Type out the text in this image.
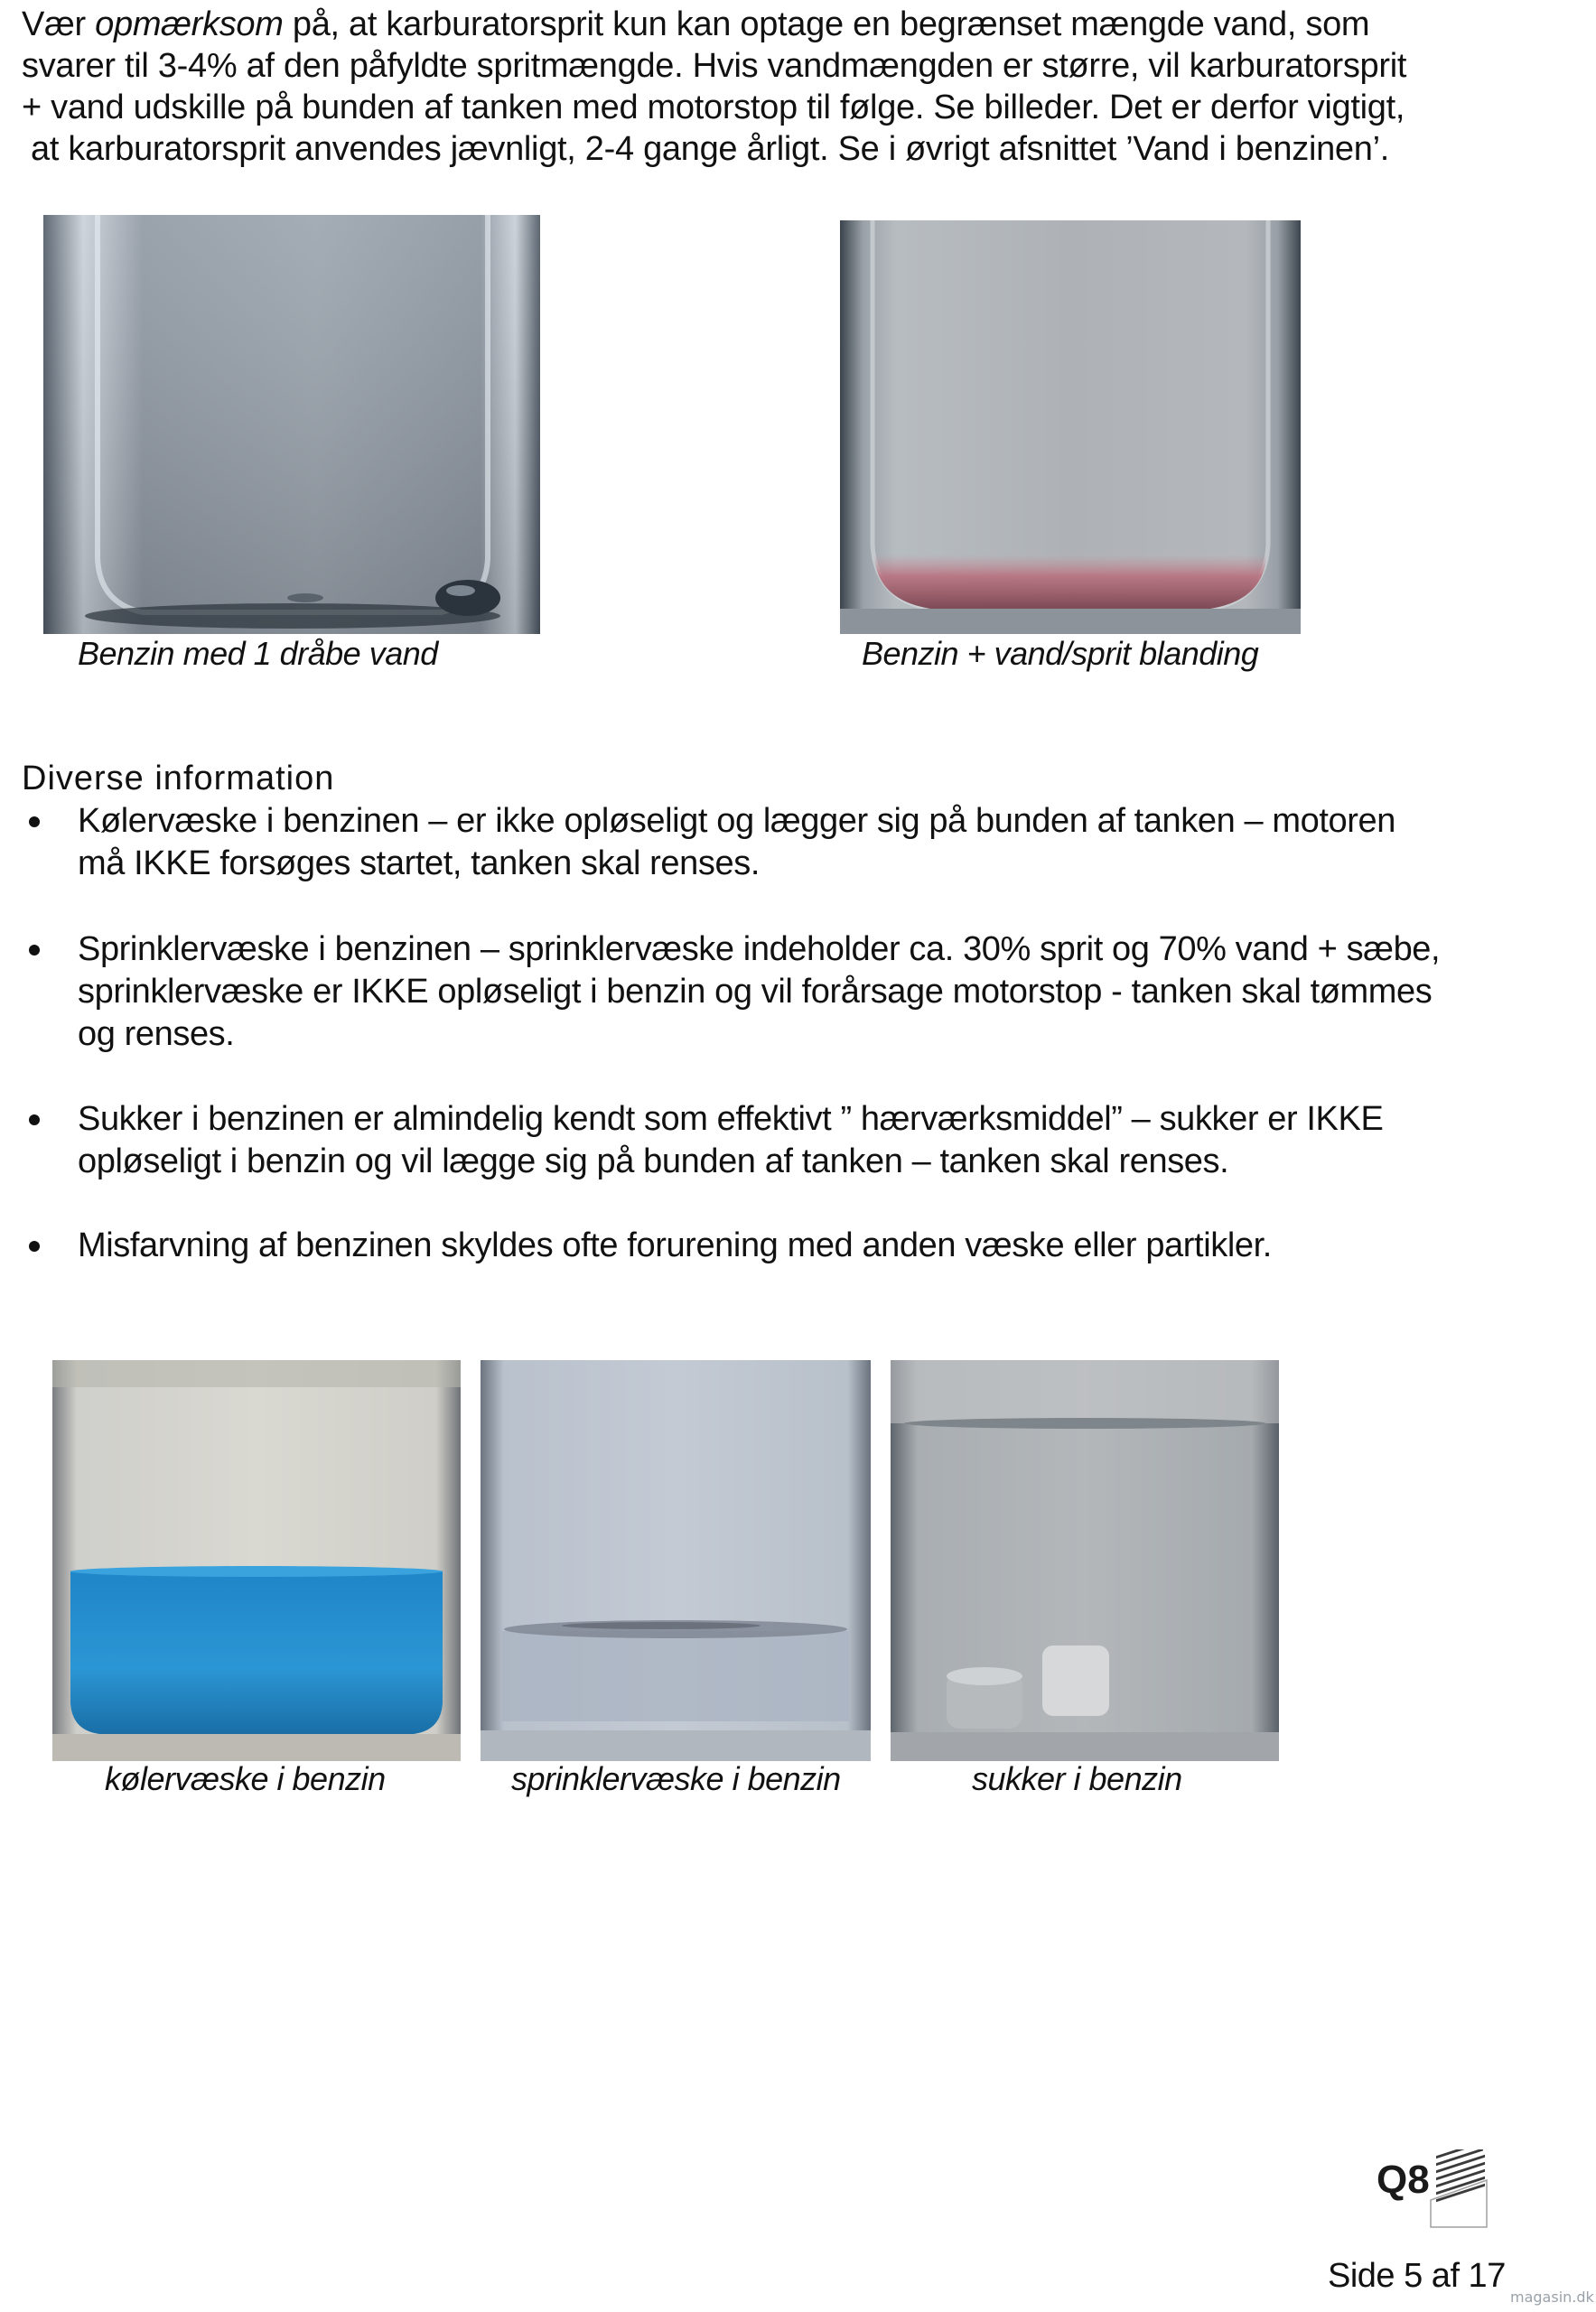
Vær opmærksom på, at karburatorsprit kun kan optage en begrænset mængde vand, som

svarer til 3-4% af den påfyldte spritmængde. Hvis vandmængden er større, vil karburatorsprit

+ vand udskille på bunden af tanken med motorstop til følge. Se billeder. Det er derfor vigtigt,

at karburatorsprit anvendes jævnligt, 2-4 gange årligt. Se i øvrigt afsnittet ’Vand i benzinen’.

Benzin med 1 dråbe vand	Benzin + vand/sprit blanding
Diverse information
Kølervæske i benzinen – er ikke opløseligt og lægger sig på bunden af tanken – motoren
må IKKE forsøges startet, tanken skal renses.
Sprinklervæske i benzinen – sprinklervæske indeholder ca. 30% sprit og 70% vand + sæbe,
sprinklervæske er IKKE opløseligt i benzin og vil forårsage motorstop - tanken skal tømmes
og renses.
Sukker i benzinen er almindelig kendt som effektivt ” hærværksmiddel” – sukker er IKKE
opløseligt i benzin og vil lægge sig på bunden af tanken – tanken skal renses.
Misfarvning af benzinen skyldes ofte forurening med anden væske eller partikler.
kølervæske i benzin	sprinklervæske i benzin	sukker i benzin
Q8
Side 5 af 17
magasin.dk
